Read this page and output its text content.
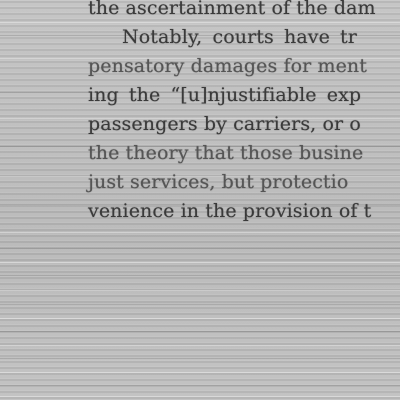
the ascertainment of the dam
Notably, courts have tr
pensatory damages for ment
ing the “[u]njustifiable exp
passengers by carriers, or o
the theory that those busine
just services, but protectio
venience in the provision of t
